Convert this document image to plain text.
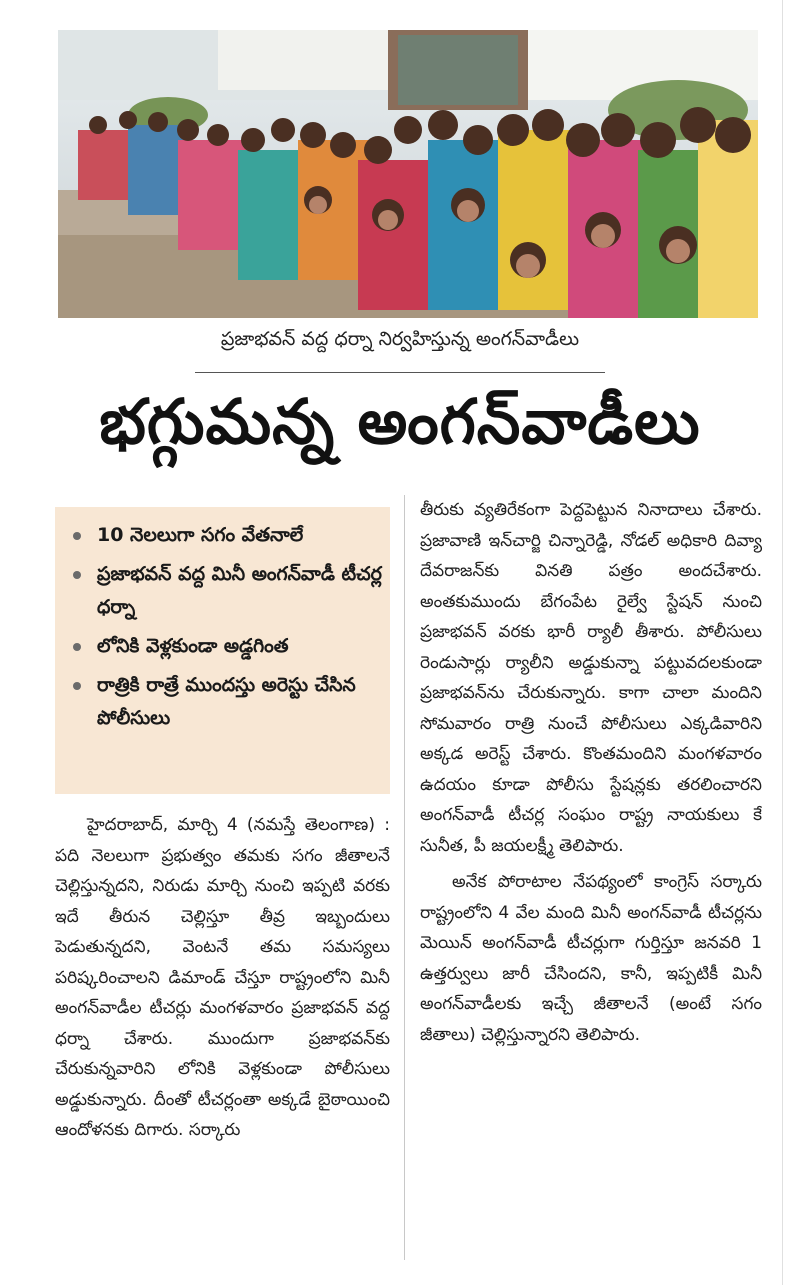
ప్రజాభవన్ వద్ద ధర్నా నిర్వహిస్తున్న అంగన్‌వాడీలు
భగ్గుమన్న అంగన్‌వాడీలు
10 నెలలుగా సగం వేతనాలే
ప్రజాభవన్ వద్ద మినీ అంగన్‌వాడీ టీచర్ల ధర్నా
లోనికి వెళ్లకుండా అడ్డగింత
రాత్రికి రాత్రే ముందస్తు అరెస్టు చేసిన పోలీసులు

హైదరాబాద్, మార్చి 4 (నమస్తే తెలంగాణ) : పది నెలలుగా ప్రభుత్వం తమకు సగం జీతాలనే చెల్లిస్తున్నదని, నిరుడు మార్చి నుంచి ఇప్పటి వరకు ఇదే తీరున చెల్లిస్తూ తీవ్ర ఇబ్బందులు పెడుతున్నదని, వెంటనే తమ సమస్యలు పరిష్కరించాలని డిమాండ్ చేస్తూ రాష్ట్రంలోని మినీ అంగన్‌వాడీల టీచర్లు మంగళవారం ప్రజాభవన్ వద్ద ధర్నా చేశారు. ముందుగా ప్రజాభవన్‌కు చేరుకున్నవారిని లోనికి వెళ్లకుండా పోలీసులు అడ్డుకున్నారు. దీంతో టీచర్లంతా అక్కడే బైఠాయించి ఆందోళనకు దిగారు. సర్కారు

తీరుకు వ్యతిరేకంగా పెద్దపెట్టున నినాదాలు చేశారు. ప్రజావాణి ఇన్‌చార్జి చిన్నారెడ్డి, నోడల్ అధికారి దివ్యా దేవరాజన్‌కు వినతి పత్రం అందచేశారు. అంతకుముందు బేగంపేట రైల్వే స్టేషన్ నుంచి ప్రజాభవన్ వరకు భారీ ర్యాలీ తీశారు. పోలీసులు రెండుసార్లు ర్యాలీని అడ్డుకున్నా పట్టువదలకుండా ప్రజాభవన్‌ను చేరుకున్నారు. కాగా చాలా మందిని సోమవారం రాత్రి నుంచే పోలీసులు ఎక్కడివారిని అక్కడ అరెస్ట్ చేశారు. కొంతమందిని మంగళవారం ఉదయం కూడా పోలీసు స్టేషన్లకు తరలించారని అంగన్‌వాడీ టీచర్ల సంఘం రాష్ట్ర నాయకులు కే సునీత, పీ జయలక్ష్మీ తెలిపారు.

అనేక పోరాటాల నేపథ్యంలో కాంగ్రెస్ సర్కారు రాష్ట్రంలోని 4 వేల మంది మినీ అంగన్‌వాడీ టీచర్లను మెయిన్ అంగన్‌వాడీ టీచర్లుగా గుర్తిస్తూ జనవరి 1 ఉత్తర్వులు జారీ చేసిందని, కానీ, ఇప్పటికీ మినీ అంగన్‌వాడీలకు ఇచ్చే జీతాలనే (అంటే సగం జీతాలు) చెల్లిస్తున్నారని తెలిపారు.
